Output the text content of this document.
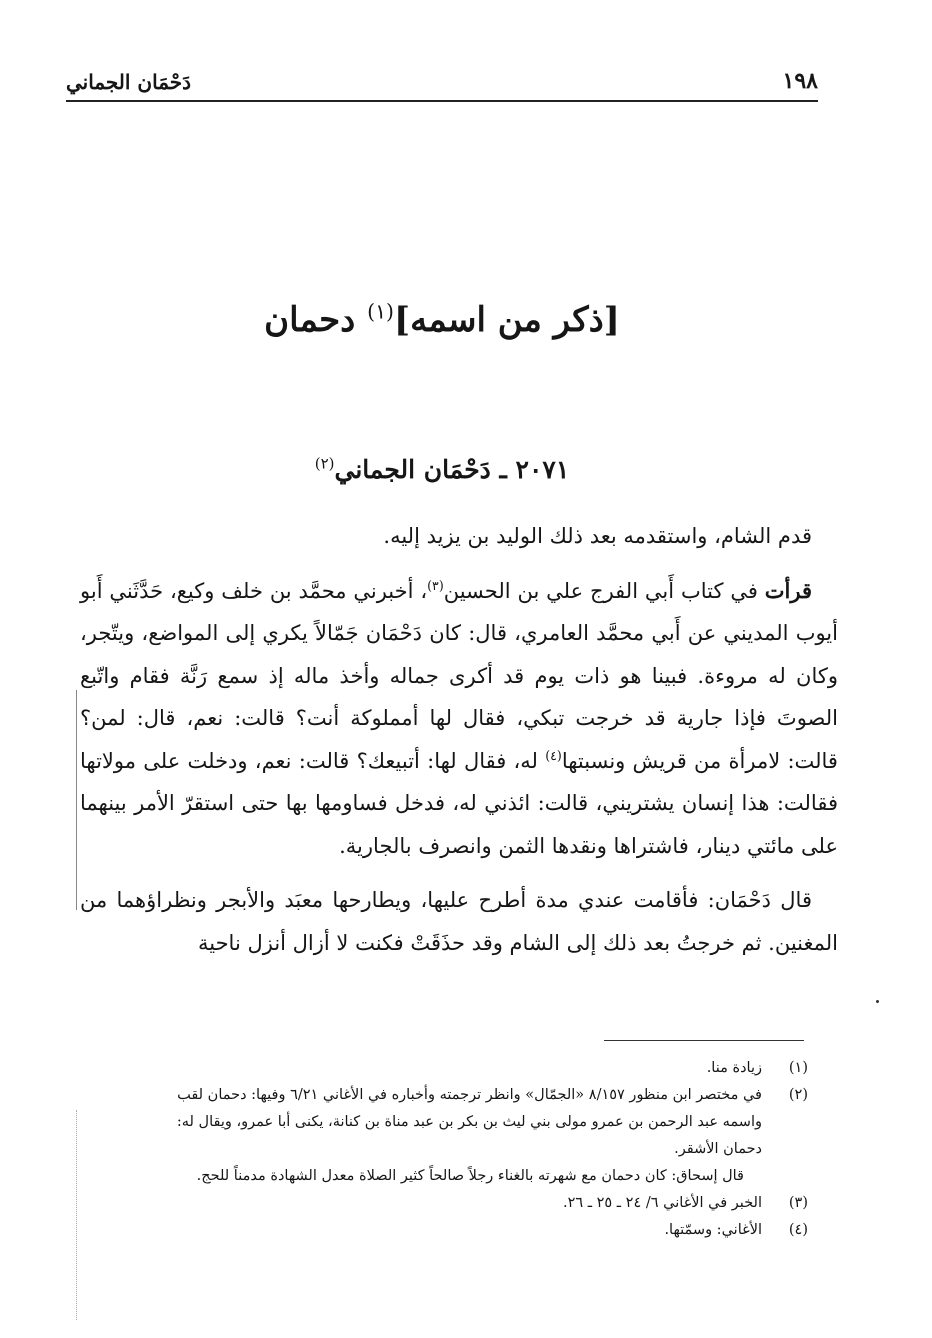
١٩٨
دَحْمَان الجماني
[ذكر من اسمه]$^{(١)}$ دحمان
٢٠٧١ ـ دَحْمَان الجماني$^{(٢)}$

قدم الشام، واستقدمه بعد ذلك الوليد بن يزيد إليه.

قرأت في كتاب أَبي الفرج علي بن الحسين$^{(٣)}$، أخبرني محمَّد بن خلف وكيع، حَدَّثَني أَبو أيوب المديني عن أَبي محمَّد العامري، قال: كان دَحْمَان جَمّالاً يكري إلى المواضع، ويتّجر، وكان له مروءة. فبينا هو ذات يوم قد أكرى جماله وأخذ ماله إذ سمع رَنَّة فقام واتّبع الصوتَ فإذا جارية قد خرجت تبكي، فقال لها أمملوكة أنت؟ قالت: نعم، قال: لمن؟ قالت: لامرأة من قريش ونسبتها$^{(٤)}$ له، فقال لها: أتبيعك؟ قالت: نعم، ودخلت على مولاتها فقالت: هذا إنسان يشتريني، قالت: ائذني له، فدخل فساومها بها حتى استقرّ الأمر بينهما على مائتي دينار، فاشتراها ونقدها الثمن وانصرف بالجارية.

قال دَحْمَان: فأقامت عندي مدة أطرح عليها، ويطارحها معبَد والأبجر ونظراؤهما من المغنين. ثم خرجتُ بعد ذلك إلى الشام وقد حذَقَتْ فكنت لا أزال أنزل ناحية

(١)
زيادة منا.
(٢)
في مختصر ابن منظور ٨/١٥٧ «الجمّال» وانظر ترجمته وأخباره في الأغاني ٦/٢١ وفيها: دحمان لقب
واسمه عبد الرحمن بن عمرو مولى بني ليث بن بكر بن عبد مناة بن كنانة، يكنى أبا عمرو، ويقال له:
دحمان الأشقر.
قال إسحاق: كان دحمان مع شهرته بالغناء رجلاً صالحاً كثير الصلاة معدل الشهادة مدمناً للحج.
(٣)
الخبر في الأغاني ٦/ ٢٤ ـ ٢٥ ـ ٢٦.
(٤)
الأغاني: وسمّتها.
